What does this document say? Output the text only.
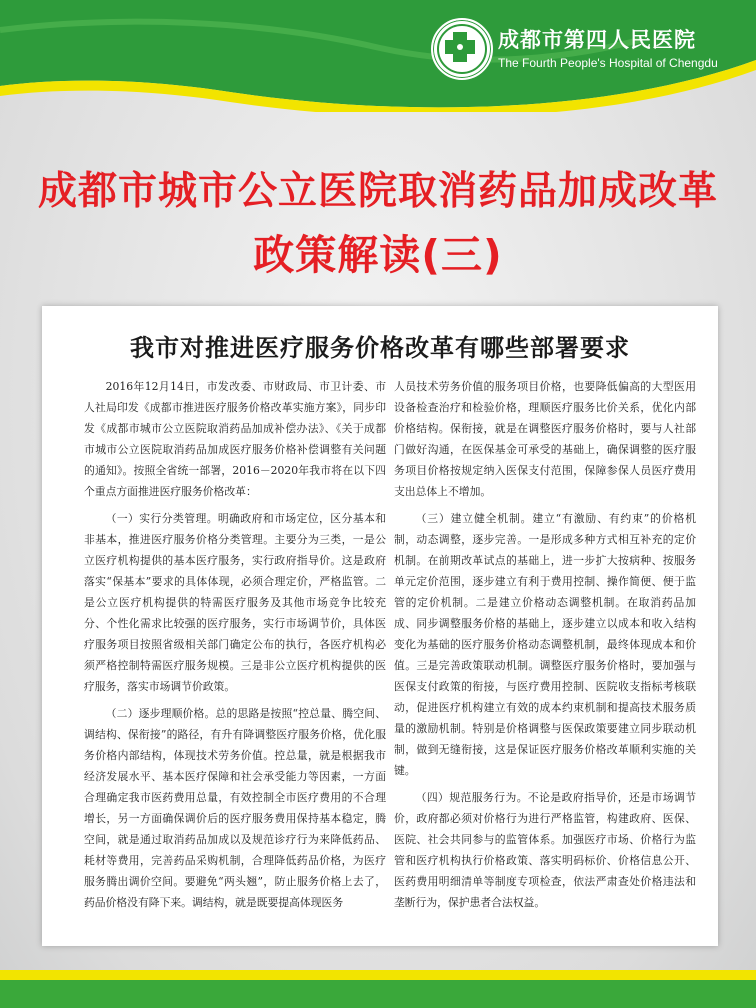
成都市第四人民医院
The Fourth People's Hospital of Chengdu
成都市城市公立医院取消药品加成改革
政策解读(三)
我市对推进医疗服务价格改革有哪些部署要求

2016年12月14日，市发改委、市财政局、市卫计委、市人社局印发《成都市推进医疗服务价格改革实施方案》，同步印发《成都市城市公立医院取消药品加成补偿办法》、《关于成都市城市公立医院取消药品加成医疗服务价格补偿调整有关问题的通知》。按照全省统一部署，2016－2020年我市将在以下四个重点方面推进医疗服务价格改革：

（一）实行分类管理。明确政府和市场定位，区分基本和非基本，推进医疗服务价格分类管理。主要分为三类，一是公立医疗机构提供的基本医疗服务，实行政府指导价。这是政府落实“保基本”要求的具体体现，必须合理定价，严格监管。二是公立医疗机构提供的特需医疗服务及其他市场竞争比较充分、个性化需求比较强的医疗服务，实行市场调节价，具体医疗服务项目按照省级相关部门确定公布的执行，各医疗机构必须严格控制特需医疗服务规模。三是非公立医疗机构提供的医疗服务，落实市场调节价政策。

（二）逐步理顺价格。总的思路是按照“控总量、腾空间、调结构、保衔接”的路径，有升有降调整医疗服务价格，优化服务价格内部结构，体现技术劳务价值。控总量，就是根据我市经济发展水平、基本医疗保障和社会承受能力等因素，一方面合理确定我市医药费用总量，有效控制全市医疗费用的不合理增长，另一方面确保调价后的医疗服务费用保持基本稳定，腾空间，就是通过取消药品加成以及规范诊疗行为来降低药品、耗材等费用，完善药品采购机制，合理降低药品价格，为医疗服务腾出调价空间。要避免“两头翘”，防止服务价格上去了，药品价格没有降下来。调结构，就是既要提高体现医务

人员技术劳务价值的服务项目价格，也要降低偏高的大型医用设备检查治疗和检验价格，理顺医疗服务比价关系，优化内部价格结构。保衔接，就是在调整医疗服务价格时，要与人社部门做好沟通，在医保基金可承受的基础上，确保调整的医疗服务项目价格按规定纳入医保支付范围，保障参保人员医疗费用支出总体上不增加。

（三）建立健全机制。建立“有激励、有约束”的价格机制，动态调整，逐步完善。一是形成多种方式相互补充的定价机制。在前期改革试点的基础上，进一步扩大按病种、按服务单元定价范围，逐步建立有利于费用控制、操作简便、便于监管的定价机制。二是建立价格动态调整机制。在取消药品加成、同步调整服务价格的基础上，逐步建立以成本和收入结构变化为基础的医疗服务价格动态调整机制，最终体现成本和价值。三是完善政策联动机制。调整医疗服务价格时，要加强与医保支付政策的衔接，与医疗费用控制、医院收支指标考核联动，促进医疗机构建立有效的成本约束机制和提高技术服务质量的激励机制。特别是价格调整与医保政策要建立同步联动机制，做到无缝衔接，这是保证医疗服务价格改革顺利实施的关键。

（四）规范服务行为。不论是政府指导价，还是市场调节价，政府都必须对价格行为进行严格监管，构建政府、医保、医院、社会共同参与的监管体系。加强医疗市场、价格行为监管和医疗机构执行价格政策、落实明码标价、价格信息公开、医药费用明细清单等制度专项检查，依法严肃查处价格违法和垄断行为，保护患者合法权益。
